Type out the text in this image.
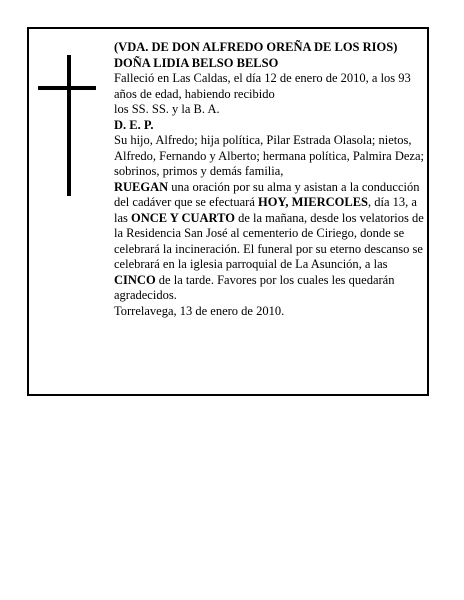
(VDA. DE DON ALFREDO OREÑA DE LOS RIOS)

DOÑA LIDIA BELSO BELSO

Falleció en Las Caldas, el día 12 de enero de 2010, a los 93 años de edad, habiendo recibido

los SS. SS. y la B. A.

D. E. P.

Su hijo, Alfredo; hija política, Pilar Estrada Olasola; nietos, Alfredo, Fernando y Alberto; hermana política, Palmira Deza; sobrinos, primos y demás familia,

RUEGAN una oración por su alma y asistan a la conducción del cadáver que se efectuará HOY, MIERCOLES, día 13, a las ONCE Y CUARTO de la mañana, desde los velatorios de la Residencia San José al cementerio de Ciriego, donde se celebrará la incineración. El funeral por su eterno descanso se celebrará en la iglesia parroquial de La Asunción, a las CINCO de la tarde. Favores por los cuales les quedarán agradecidos.

Torrelavega, 13 de enero de 2010.
